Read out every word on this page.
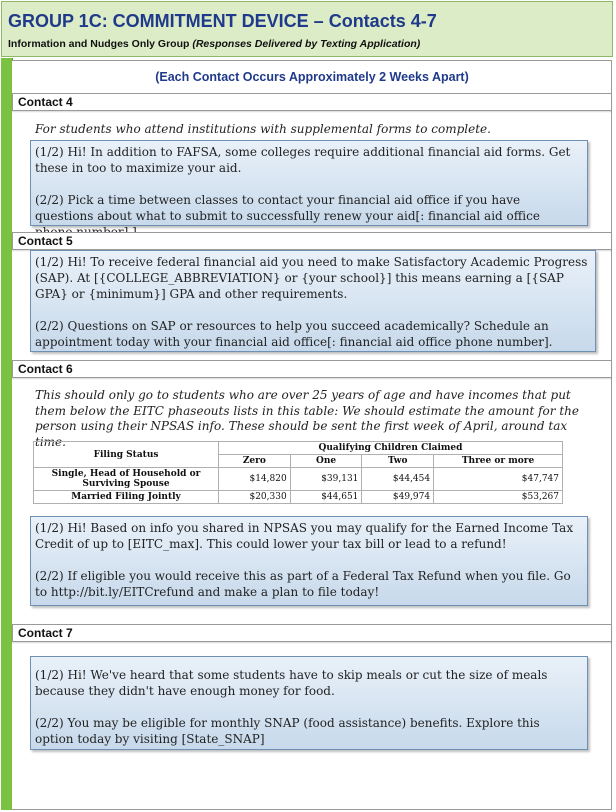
GROUP 1C: COMMITMENT DEVICE – Contacts 4-7
Information and Nudges Only Group (Responses Delivered by Texting Application)
(Each Contact Occurs Approximately 2 Weeks Apart)
Contact 4
For students who attend institutions with supplemental forms to complete.

(1/2) Hi! In addition to FAFSA, some colleges require additional financial aid forms. Get these in too to maximize your aid.

(2/2) Pick a time between classes to contact your financial aid office if you have questions about what to submit to successfully renew your aid[: financial aid office

Contact 5

(1/2) Hi! To receive federal financial aid you need to make Satisfactory Academic Progress (SAP). At [{COLLEGE_ABBREVIATION} or {your school}] this means earning a [{SAP GPA} or {minimum}] GPA and other requirements.

(2/2) Questions on SAP or resources to help you succeed academically? Schedule an appointment today with your financial aid office[: financial aid office phone number].

Contact 6
This should only go to students who are over 25 years of age and have incomes that put them below the EITC phaseouts lists in this table: We should estimate the amount for the person using their NPSAS info. These should be sent the first week of April, around tax time.
Filing Status	Qualifying Children Claimed			
	Zero	One	Two	Three or more
Single, Head of Household or Surviving Spouse	$14,820	$39,131	$44,454	$47,747
Married Filing Jointly	$20,330	$44,651	$49,974	$53,267

(1/2) Hi! Based on info you shared in NPSAS you may qualify for the Earned Income Tax Credit of up to [EITC_max]. This could lower your tax bill or lead to a refund!

(2/2) If eligible you would receive this as part of a Federal Tax Refund when you file. Go to http://bit.ly/EITCrefund and make a plan to file today!

Contact 7

(1/2) Hi! We've heard that some students have to skip meals or cut the size of meals because they didn't have enough money for food.

(2/2) You may be eligible for monthly SNAP (food assistance) benefits. Explore this option today by visiting [State_SNAP]
